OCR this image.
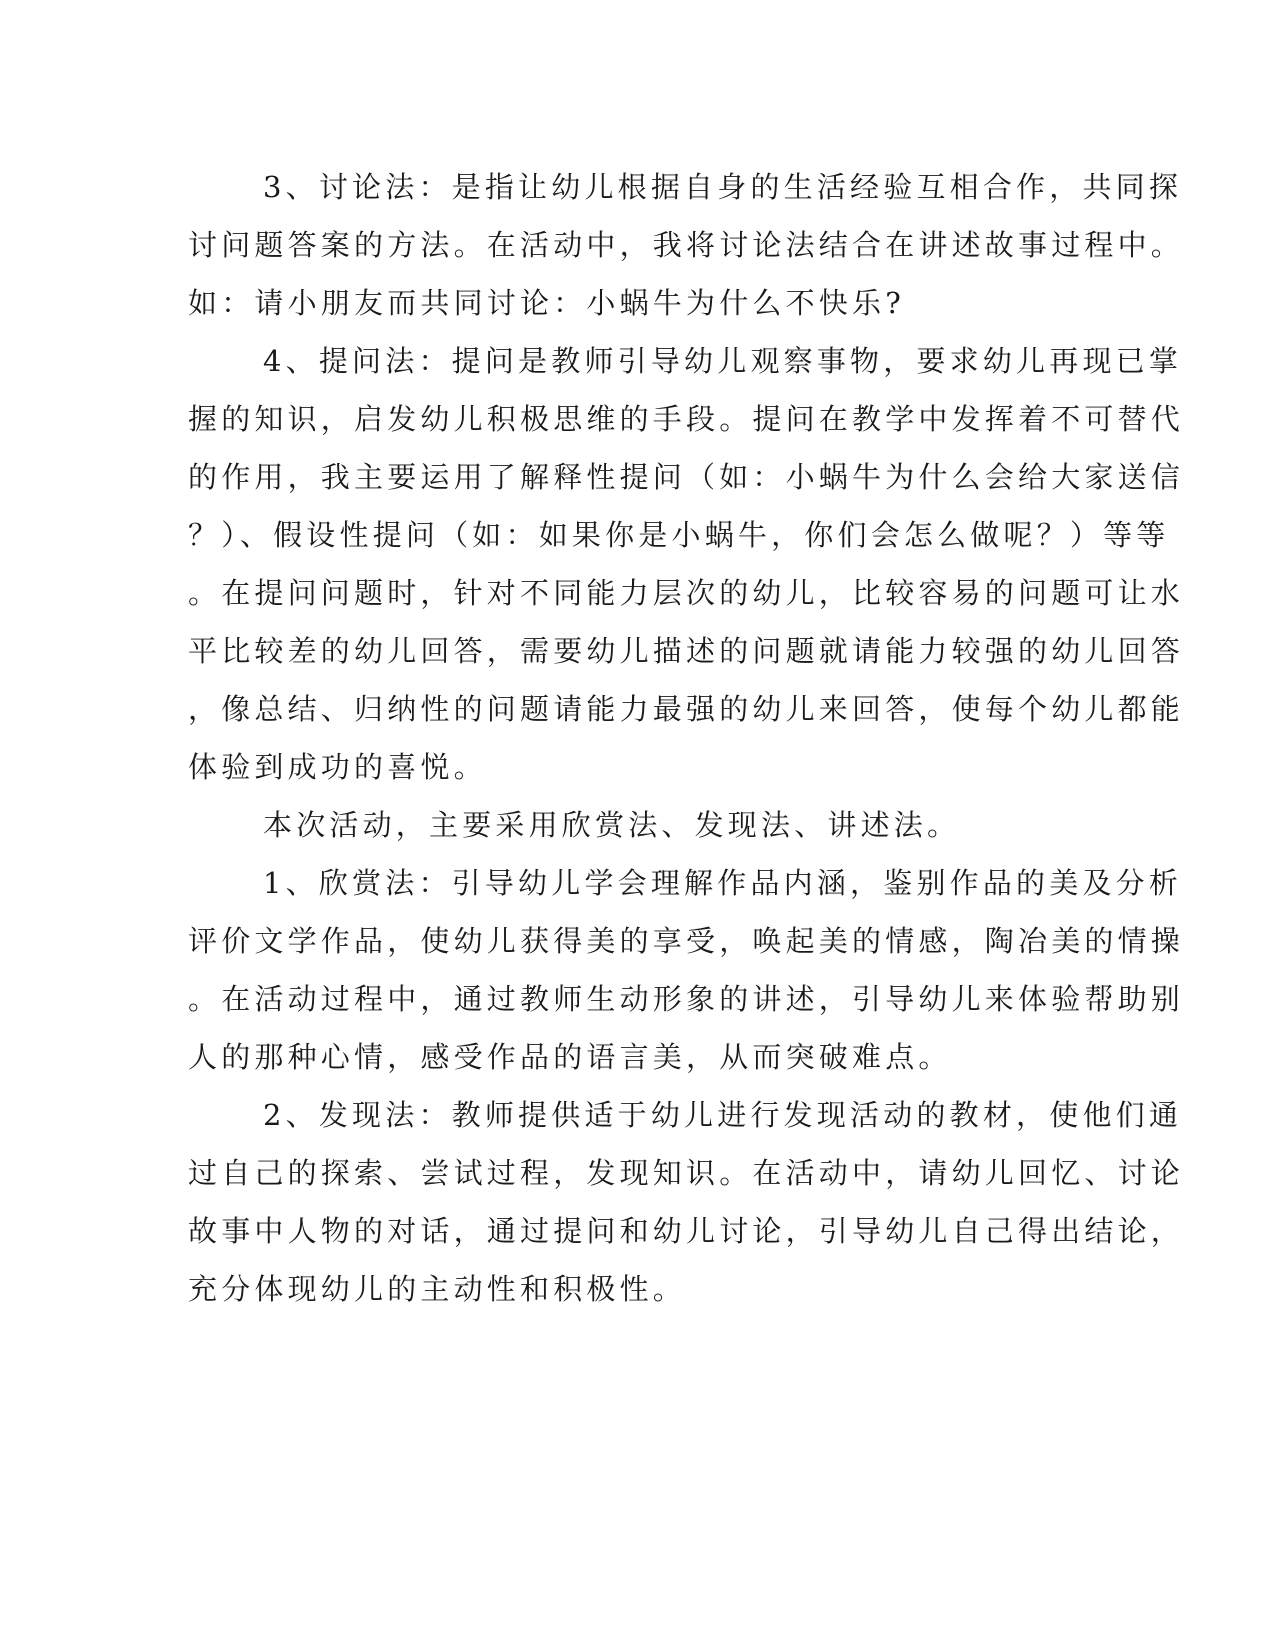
3、讨论法：是指让幼儿根据自身的生活经验互相合作，共同探
讨问题答案的方法。在活动中，我将讨论法结合在讲述故事过程中。
如：请小朋友而共同讨论：小蜗牛为什么不快乐?
4、提问法：提问是教师引导幼儿观察事物，要求幼儿再现已掌
握的知识，启发幼儿积极思维的手段。提问在教学中发挥着不可替代
的作用，我主要运用了解释性提问（如：小蜗牛为什么会给大家送信
？）、假设性提问（如：如果你是小蜗牛，你们会怎么做呢？）等等
。在提问问题时，针对不同能力层次的幼儿，比较容易的问题可让水
平比较差的幼儿回答，需要幼儿描述的问题就请能力较强的幼儿回答
，像总结、归纳性的问题请能力最强的幼儿来回答，使每个幼儿都能
体验到成功的喜悦。
本次活动，主要采用欣赏法、发现法、讲述法。
1、欣赏法：引导幼儿学会理解作品内涵，鉴别作品的美及分析
评价文学作品，使幼儿获得美的享受，唤起美的情感，陶冶美的情操
。在活动过程中，通过教师生动形象的讲述，引导幼儿来体验帮助别
人的那种心情，感受作品的语言美，从而突破难点。
2、发现法：教师提供适于幼儿进行发现活动的教材，使他们通
过自己的探索、尝试过程，发现知识。在活动中，请幼儿回忆、讨论
故事中人物的对话，通过提问和幼儿讨论，引导幼儿自己得出结论，
充分体现幼儿的主动性和积极性。
